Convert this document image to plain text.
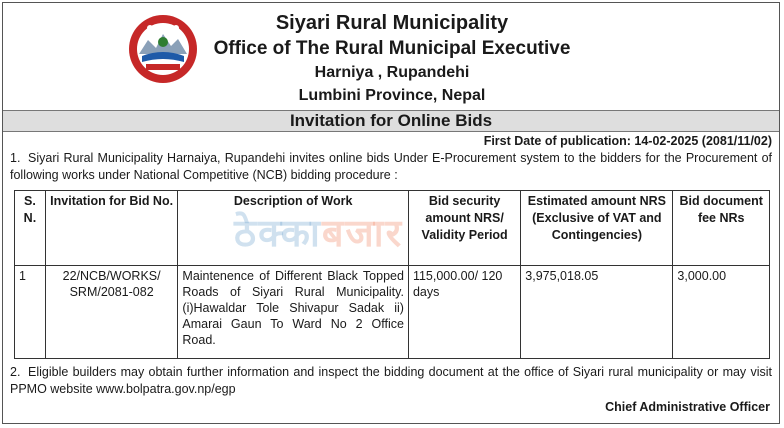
Siyari Rural Municipality
Office of The Rural Municipal Executive
Harniya , Rupandehi
Lumbini Province, Nepal
Invitation for Online Bids
First Date of publication: 14-02-2025 (2081/11/02)
1. Siyari Rural Municipality Harnaiya, Rupandehi invites online bids Under E-Procurement system to the bidders for the Procurement of following works under National Competitive (NCB) bidding procedure :
ठेक्काबजार
S. N.	Invitation for Bid No.	Description of Work	Bid security amount NRS/ Validity Period	Estimated amount NRS (Exclusive of VAT and Contingencies)	Bid document fee NRs
1	22/NCB/WORKS/ SRM/2081-082	Maintenence of Different Black Topped Roads of Siyari Rural Municipality. (i)Hawaldar Tole Shivapur Sadak ii) Amarai Gaun To Ward No 2 Office Road.	115,000.00/ 120 days	3,975,018.05	3,000.00
2. Eligible builders may obtain further information and inspect the bidding document at the office of Siyari rural municipality or may visit PPMO website www.bolpatra.gov.np/egp
Chief Administrative Officer
